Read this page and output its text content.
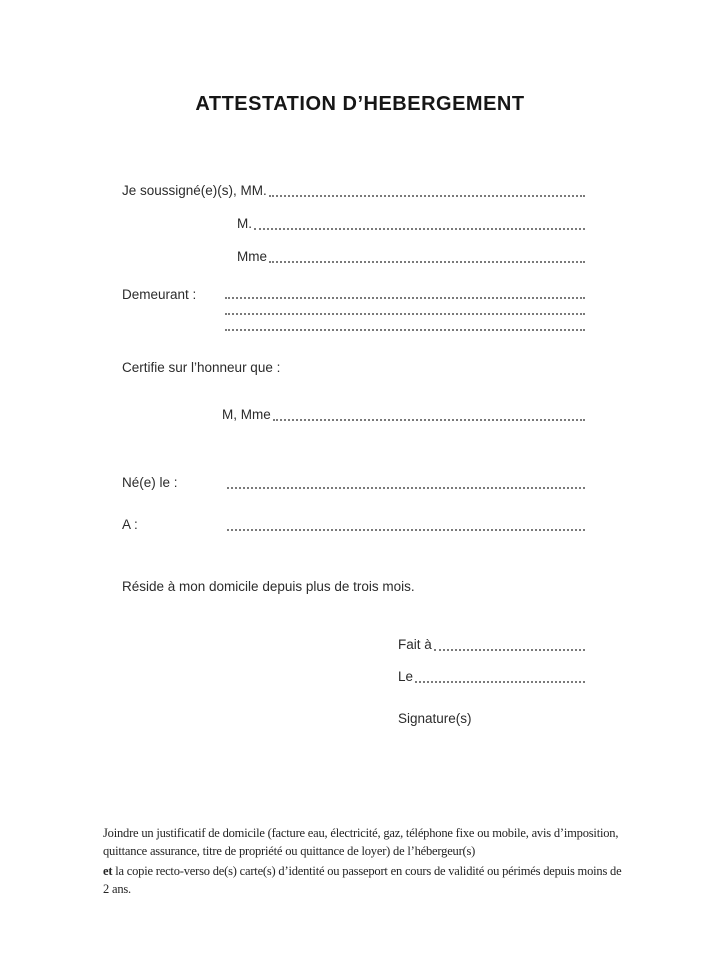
ATTESTATION D’HEBERGEMENT
Je soussigné(e)(s), MM.
M.
Mme
Demeurant :
Certifie sur l’honneur que :
M, Mme
Né(e) le :
A :
Réside à mon domicile depuis plus de trois mois.
Fait à
Le
Signature(s)

Joindre un justificatif de domicile (facture eau, électricité, gaz, téléphone fixe ou mobile, avis d’imposition, quittance assurance, titre de propriété ou quittance de loyer) de l’hébergeur(s)

et la copie recto-verso de(s) carte(s) d’identité ou passeport en cours de validité ou périmés depuis moins de 2 ans.
